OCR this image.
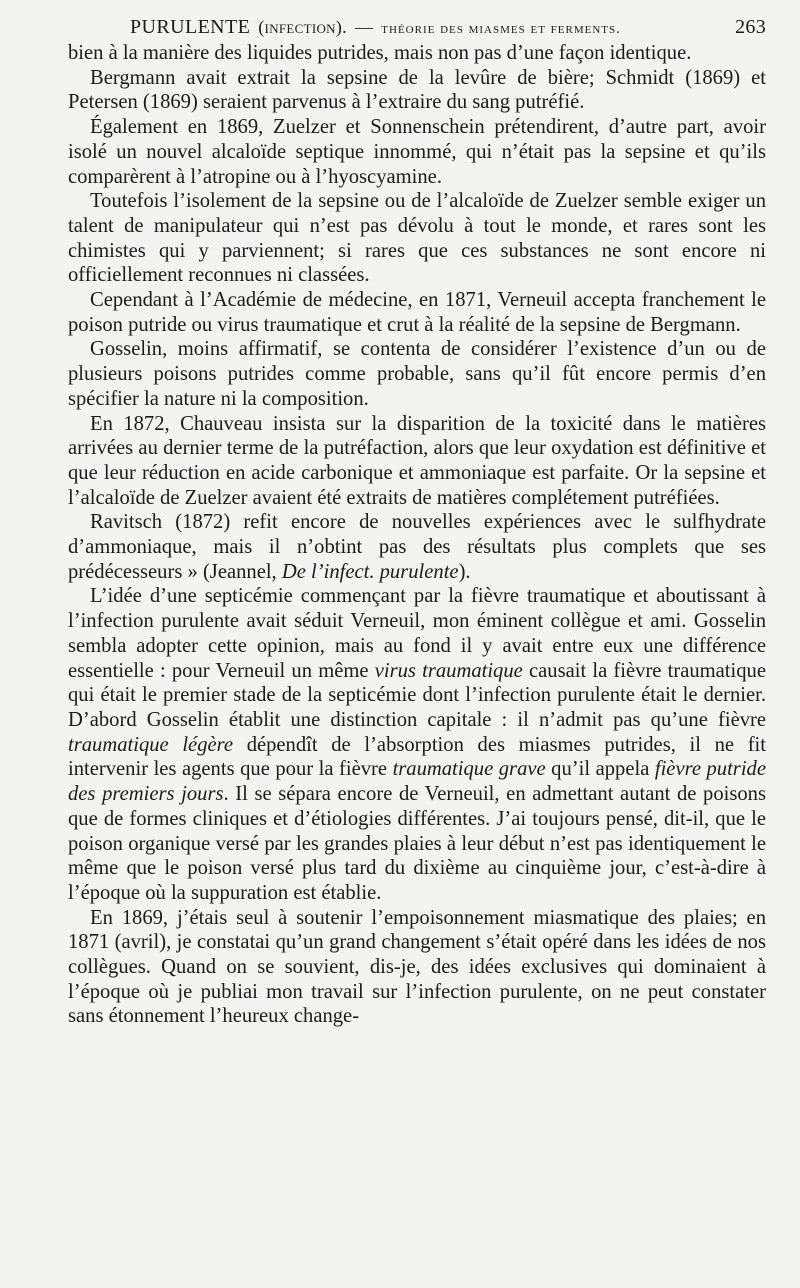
PURULENTE (infection). — théorie des miasmes et ferments.	263

bien à la manière des liquides putrides, mais non pas d’une façon identique.

Bergmann avait extrait la sepsine de la levûre de bière; Schmidt (1869) et Petersen (1869) seraient parvenus à l’extraire du sang putréfié.

Également en 1869, Zuelzer et Sonnenschein prétendirent, d’autre part, avoir isolé un nouvel alcaloïde septique innommé, qui n’était pas la sepsine et qu’ils comparèrent à l’atropine ou à l’hyoscyamine.

Toutefois l’isolement de la sepsine ou de l’alcaloïde de Zuelzer semble exiger un talent de manipulateur qui n’est pas dévolu à tout le monde, et rares sont les chimistes qui y parviennent; si rares que ces substances ne sont encore ni officiellement reconnues ni classées.

Cependant à l’Académie de médecine, en 1871, Verneuil accepta franchement le poison putride ou virus traumatique et crut à la réalité de la sepsine de Bergmann.

Gosselin, moins affirmatif, se contenta de considérer l’existence d’un ou de plusieurs poisons putrides comme probable, sans qu’il fût encore permis d’en spécifier la nature ni la composition.

En 1872, Chauveau insista sur la disparition de la toxicité dans le matières arrivées au dernier terme de la putréfaction, alors que leur oxydation est définitive et que leur réduction en acide carbonique et ammoniaque est parfaite. Or la sepsine et l’alcaloïde de Zuelzer avaient été extraits de matières complétement putréfiées.

Ravitsch (1872) refit encore de nouvelles expériences avec le sulfhydrate d’ammoniaque, mais il n’obtint pas des résultats plus complets que ses prédécesseurs » (Jeannel, De l’infect. purulente).

L’idée d’une septicémie commençant par la fièvre traumatique et aboutissant à l’infection purulente avait séduit Verneuil, mon éminent collègue et ami. Gosselin sembla adopter cette opinion, mais au fond il y avait entre eux une différence essentielle : pour Verneuil un même virus traumatique causait la fièvre traumatique qui était le premier stade de la septicémie dont l’infection purulente était le dernier. D’abord Gosselin établit une distinction capitale : il n’admit pas qu’une fièvre traumatique légère dépendît de l’absorption des miasmes putrides, il ne fit intervenir les agents que pour la fièvre traumatique grave qu’il appela fièvre putride des premiers jours. Il se sépara encore de Verneuil, en admettant autant de poisons que de formes cliniques et d’étiologies différentes. J’ai toujours pensé, dit-il, que le poison organique versé par les grandes plaies à leur début n’est pas identiquement le même que le poison versé plus tard du dixième au cinquième jour, c’est-à-dire à l’époque où la suppuration est établie.

En 1869, j’étais seul à soutenir l’empoisonnement miasmatique des plaies; en 1871 (avril), je constatai qu’un grand changement s’était opéré dans les idées de nos collègues. Quand on se souvient, dis-je, des idées exclusives qui dominaient à l’époque où je publiai mon travail sur l’infection purulente, on ne peut constater sans étonnement l’heureux change-
